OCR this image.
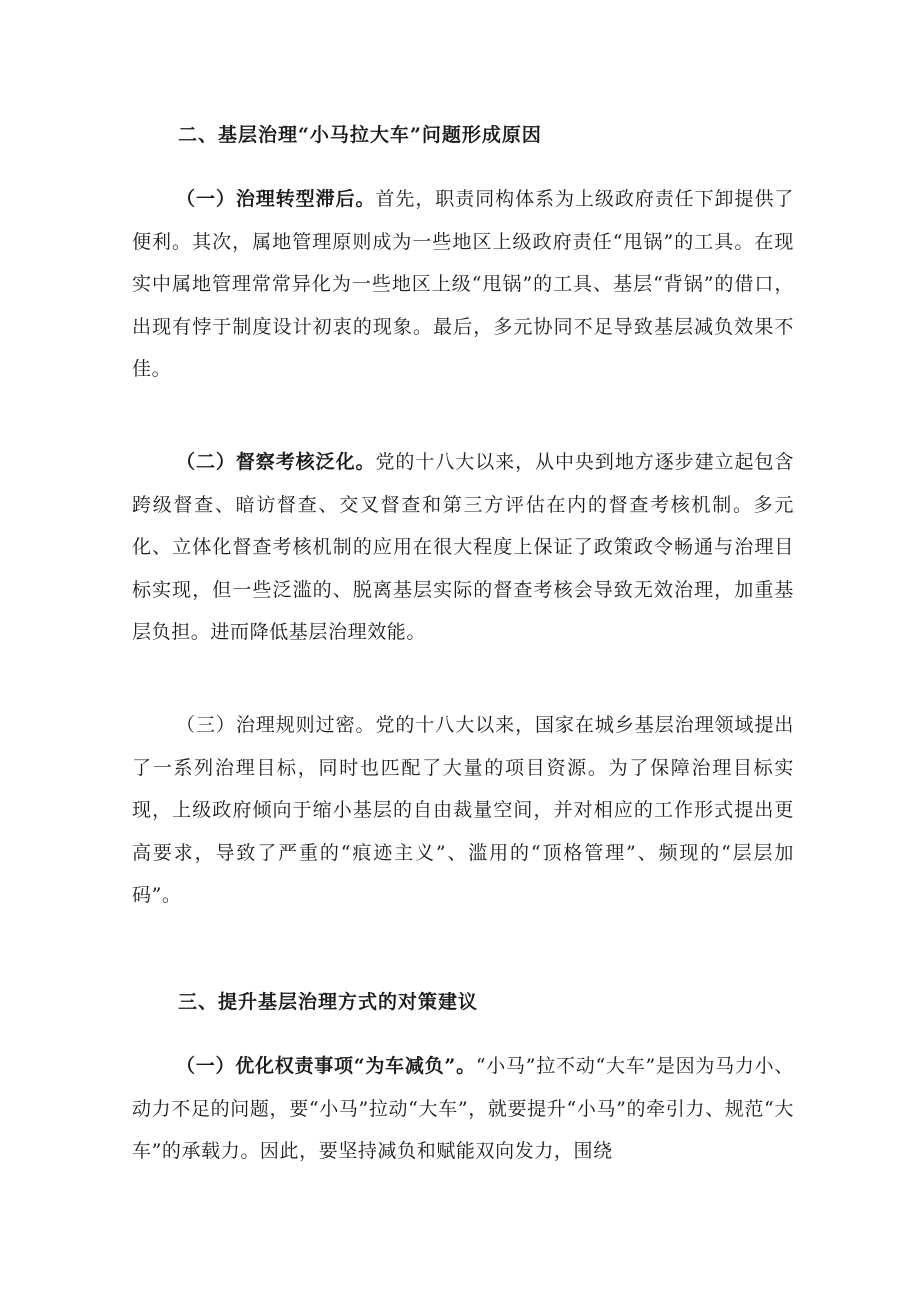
二、基层治理“小马拉大车”问题形成原因

（一）治理转型滞后。首先，职责同构体系为上级政府责任下卸提供了便利。其次，属地管理原则成为一些地区上级政府责任“甩锅”的工具。在现实中属地管理常常异化为一些地区上级“甩锅”的工具、基层“背锅”的借口，出现有悖于制度设计初衷的现象。最后，多元协同不足导致基层减负效果不佳。

（二）督察考核泛化。党的十八大以来，从中央到地方逐步建立起包含跨级督查、暗访督查、交叉督查和第三方评估在内的督查考核机制。多元化、立体化督查考核机制的应用在很大程度上保证了政策政令畅通与治理目标实现，但一些泛滥的、脱离基层实际的督查考核会导致无效治理，加重基层负担。进而降低基层治理效能。

（三）治理规则过密。党的十八大以来，国家在城乡基层治理领域提出了一系列治理目标，同时也匹配了大量的项目资源。为了保障治理目标实现，上级政府倾向于缩小基层的自由裁量空间，并对相应的工作形式提出更高要求，导致了严重的“痕迹主义”、滥用的“顶格管理”、频现的“层层加码”。

三、提升基层治理方式的对策建议

（一）优化权责事项“为车减负”。“小马”拉不动“大车”是因为马力小、动力不足的问题，要“小马”拉动“大车”，就要提升“小马”的牵引力、规范“大车”的承载力。因此，要坚持减负和赋能双向发力，围绕
